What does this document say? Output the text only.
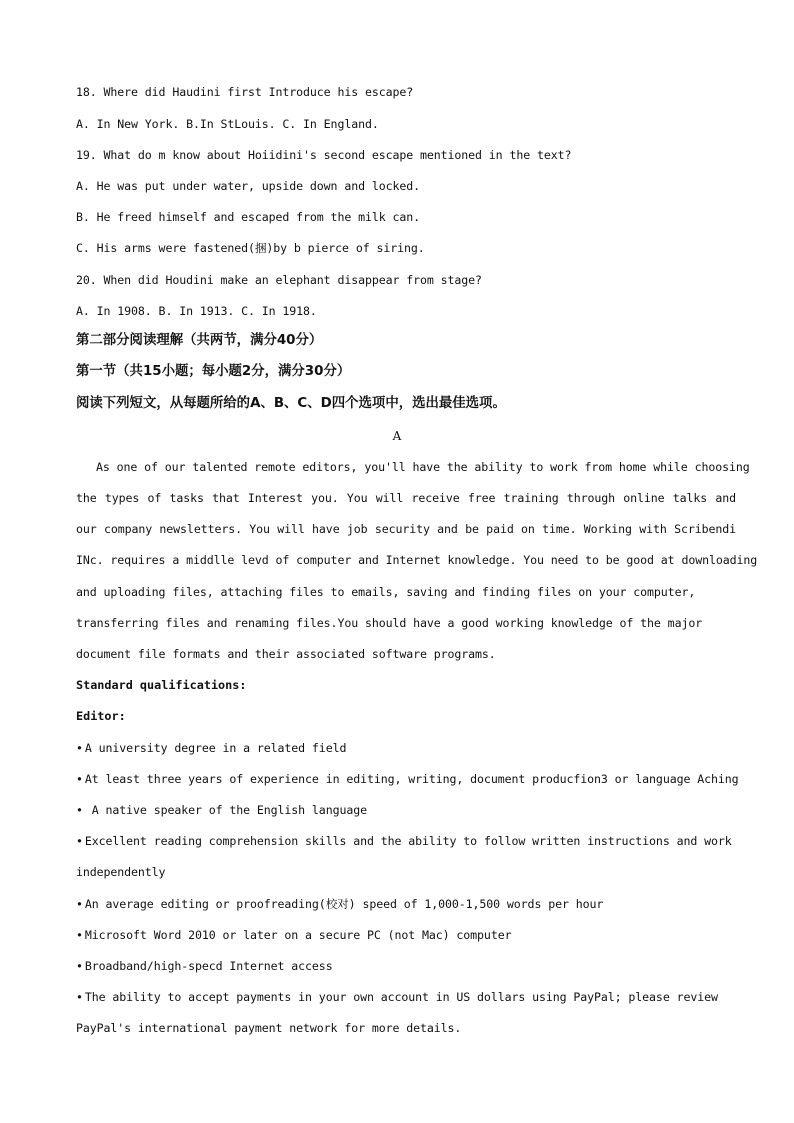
18. Where did Haudini first Introduce his escape?
A. In New York. B.In StLouis. C. In England.
19. What do m know about Hoiidini's second escape mentioned in the text?
A. He was put under water, upside down and locked.
B. He freed himself and escaped from the milk can.
C. His arms were fastened(捆)by b pierce of siring.
20. When did Houdini make an elephant disappear from stage?
A. In 1908. B. In 1913. C. In 1918.
第二部分阅读理解（共两节，满分40分）
第一节（共15小题；每小题2分，满分30分）
阅读下列短文，从每题所给的A、B、C、D四个选项中，选出最佳选项。
A
As one of our talented remote editors, you'll have the ability to work from home while choosing
the types of tasks that Interest you. You will receive free training through online talks and
our company newsletters. You will have job security and be paid on time. Working with Scribendi
INc. requires a middlle levd of computer and Internet knowledge. You need to be good at downloading
and uploading files, attaching files to emails, saving and finding files on your computer,
transferring files and renaming files.You should have a good working knowledge of the major
document file formats and their associated software programs.
Standard qualifications:
Editor:
• A university degree in a related field
• At least three years of experience in editing, writing, document producfion3 or language Aching
• A native speaker of the English language
• Excellent reading comprehension skills and the ability to follow written instructions and work
independently
• An average editing or proofreading(校对) speed of 1,000-1,500 words per hour
• Microsoft Word 2010 or later on a secure PC (not Mac) computer
• Broadband/high-specd Internet access
• The ability to accept payments in your own account in US dollars using PayPal; please review
PayPal's international payment network for more details.
